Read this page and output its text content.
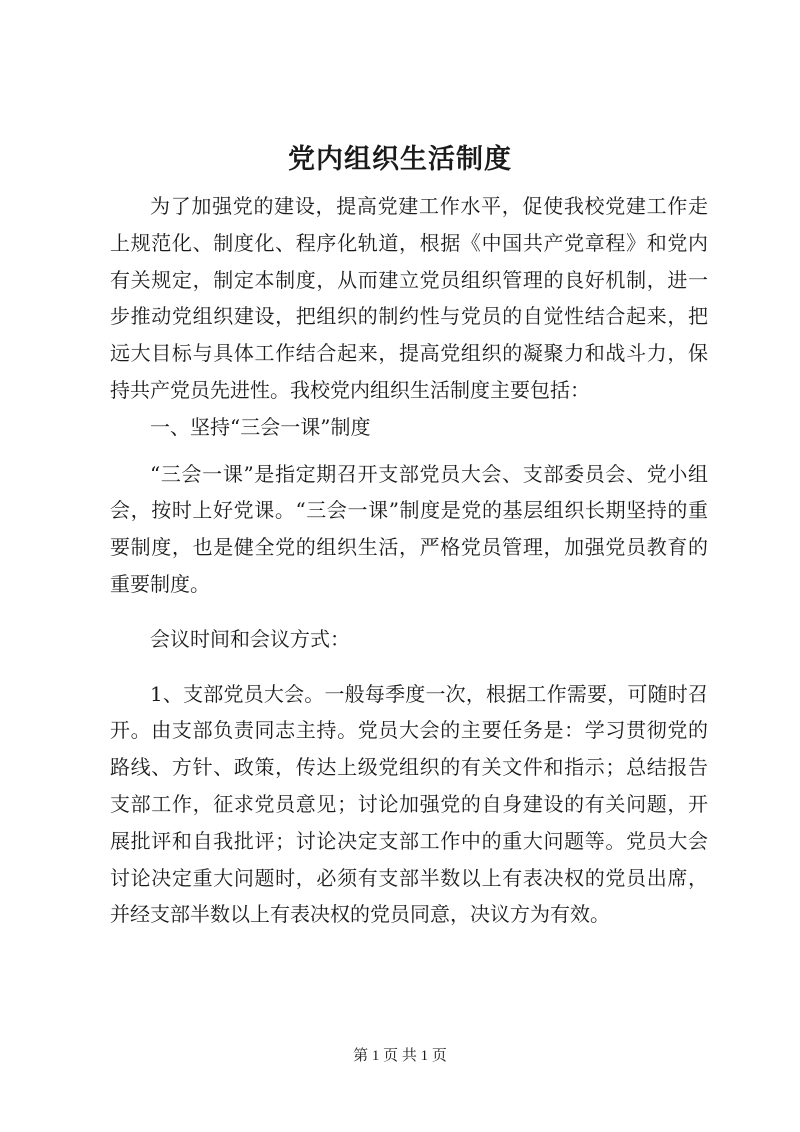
党内组织生活制度

为了加强党的建设，提高党建工作水平，促使我校党建工作走上规范化、制度化、程序化轨道，根据《中国共产党章程》和党内有关规定，制定本制度，从而建立党员组织管理的良好机制，进一步推动党组织建设，把组织的制约性与党员的自觉性结合起来，把远大目标与具体工作结合起来，提高党组织的凝聚力和战斗力，保持共产党员先进性。我校党内组织生活制度主要包括：

一、坚持“三会一课”制度

“三会一课”是指定期召开支部党员大会、支部委员会、党小组会，按时上好党课。“三会一课”制度是党的基层组织长期坚持的重要制度，也是健全党的组织生活，严格党员管理，加强党员教育的重要制度。

会议时间和会议方式：

1、支部党员大会。一般每季度一次，根据工作需要，可随时召开。由支部负责同志主持。党员大会的主要任务是：学习贯彻党的路线、方针、政策，传达上级党组织的有关文件和指示；总结报告支部工作，征求党员意见；讨论加强党的自身建设的有关问题，开展批评和自我批评；讨论决定支部工作中的重大问题等。党员大会讨论决定重大问题时，必须有支部半数以上有表决权的党员出席，并经支部半数以上有表决权的党员同意，决议方为有效。

第 1 页 共 1 页
